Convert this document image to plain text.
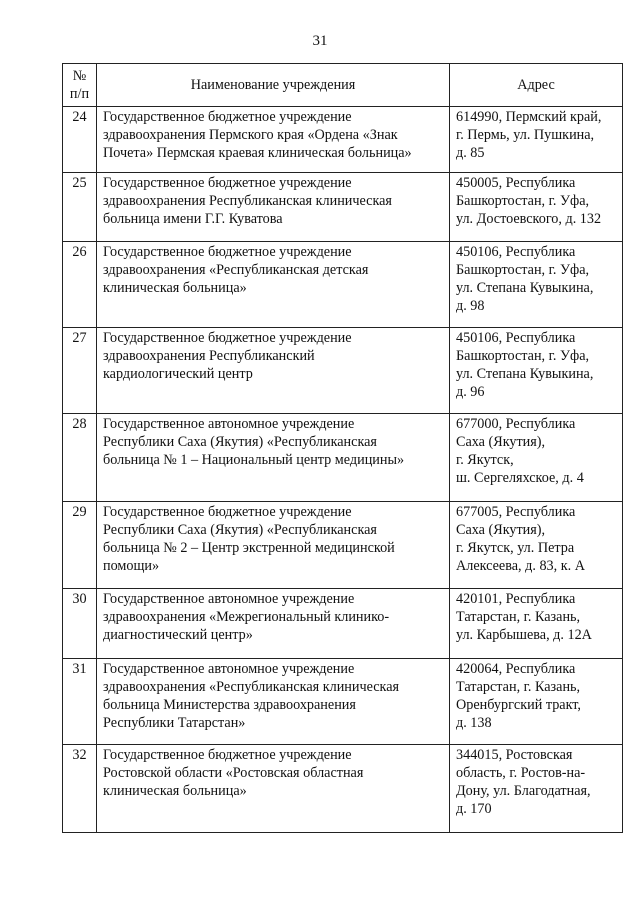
31
№
п/п	Наименование учреждения	Адрес
24	Государственное бюджетное учреждение
здравоохранения Пермского края «Ордена «Знак
Почета» Пермская краевая клиническая больница»	614990, Пермский край,
г. Пермь, ул. Пушкина,
д. 85

25	Государственное бюджетное учреждение
здравоохранения Республиканская клиническая
больница имени Г.Г. Куватова	450005, Республика
Башкортостан, г. Уфа,
ул. Достоевского, д. 132

26	Государственное бюджетное учреждение
здравоохранения «Республиканская детская
клиническая больница»	450106, Республика
Башкортостан, г. Уфа,
ул. Степана Кувыкина,
д. 98

27	Государственное бюджетное учреждение
здравоохранения Республиканский
кардиологический центр	450106, Республика
Башкортостан, г. Уфа,
ул. Степана Кувыкина,
д. 96

28	Государственное автономное учреждение
Республики Саха (Якутия) «Республиканская
больница № 1 – Национальный центр медицины»	677000, Республика
Саха (Якутия),
г. Якутск,
ш. Сергеляхское, д. 4

29	Государственное бюджетное учреждение
Республики Саха (Якутия) «Республиканская
больница № 2 – Центр экстренной медицинской
помощи»	677005, Республика
Саха (Якутия),
г. Якутск, ул. Петра
Алексеева, д. 83, к. А

30	Государственное автономное учреждение
здравоохранения «Межрегиональный клинико-
диагностический центр»	420101, Республика
Татарстан, г. Казань,
ул. Карбышева, д. 12А

31	Государственное автономное учреждение
здравоохранения «Республиканская клиническая
больница Министерства здравоохранения
Республики Татарстан»	420064, Республика
Татарстан, г. Казань,
Оренбургский тракт,
д. 138

32	Государственное бюджетное учреждение
Ростовской области «Ростовская областная
клиническая больница»	344015, Ростовская
область, г. Ростов-на-
Дону, ул. Благодатная,
д. 170
